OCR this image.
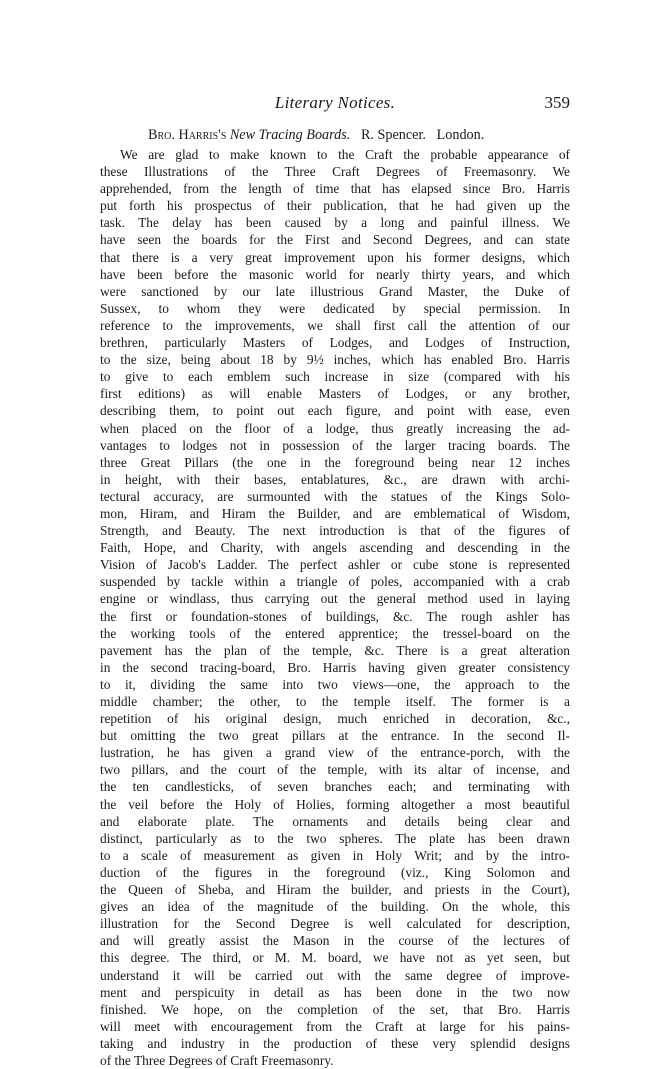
Literary Notices.	359
Bro. Harris's New Tracing Boards. R. Spencer. London.
We are glad to make known to the Craft the probable appearance of
these Illustrations of the Three Craft Degrees of Freemasonry. We
apprehended, from the length of time that has elapsed since Bro. Harris
put forth his prospectus of their publication, that he had given up the
task. The delay has been caused by a long and painful illness. We
have seen the boards for the First and Second Degrees, and can state
that there is a very great improvement upon his former designs, which
have been before the masonic world for nearly thirty years, and which
were sanctioned by our late illustrious Grand Master, the Duke of
Sussex, to whom they were dedicated by special permission. In
reference to the improvements, we shall first call the attention of our
brethren, particularly Masters of Lodges, and Lodges of Instruction,
to the size, being about 18 by 9½ inches, which has enabled Bro. Harris
to give to each emblem such increase in size (compared with his
first editions) as will enable Masters of Lodges, or any brother,
describing them, to point out each figure, and point with ease, even
when placed on the floor of a lodge, thus greatly increasing the ad-
vantages to lodges not in possession of the larger tracing boards. The
three Great Pillars (the one in the foreground being near 12 inches
in height, with their bases, entablatures, &c., are drawn with archi-
tectural accuracy, are surmounted with the statues of the Kings Solo-
mon, Hiram, and Hiram the Builder, and are emblematical of Wisdom,
Strength, and Beauty. The next introduction is that of the figures of
Faith, Hope, and Charity, with angels ascending and descending in the
Vision of Jacob's Ladder. The perfect ashler or cube stone is represented
suspended by tackle within a triangle of poles, accompanied with a crab
engine or windlass, thus carrying out the general method used in laying
the first or foundation-stones of buildings, &c. The rough ashler has
the working tools of the entered apprentice; the tressel-board on the
pavement has the plan of the temple, &c. There is a great alteration
in the second tracing-board, Bro. Harris having given greater consistency
to it, dividing the same into two views—one, the approach to the
middle chamber; the other, to the temple itself. The former is a
repetition of his original design, much enriched in decoration, &c.,
but omitting the two great pillars at the entrance. In the second Il-
lustration, he has given a grand view of the entrance-porch, with the
two pillars, and the court of the temple, with its altar of incense, and
the ten candlesticks, of seven branches each; and terminating with
the veil before the Holy of Holies, forming altogether a most beautiful
and elaborate plate. The ornaments and details being clear and
distinct, particularly as to the two spheres. The plate has been drawn
to a scale of measurement as given in Holy Writ; and by the intro-
duction of the figures in the foreground (viz., King Solomon and
the Queen of Sheba, and Hiram the builder, and priests in the Court),
gives an idea of the magnitude of the building. On the whole, this
illustration for the Second Degree is well calculated for description,
and will greatly assist the Mason in the course of the lectures of
this degree. The third, or M. M. board, we have not as yet seen, but
understand it will be carried out with the same degree of improve-
ment and perspicuity in detail as has been done in the two now
finished. We hope, on the completion of the set, that Bro. Harris
will meet with encouragement from the Craft at large for his pains-
taking and industry in the production of these very splendid designs
of the Three Degrees of Craft Freemasonry.
